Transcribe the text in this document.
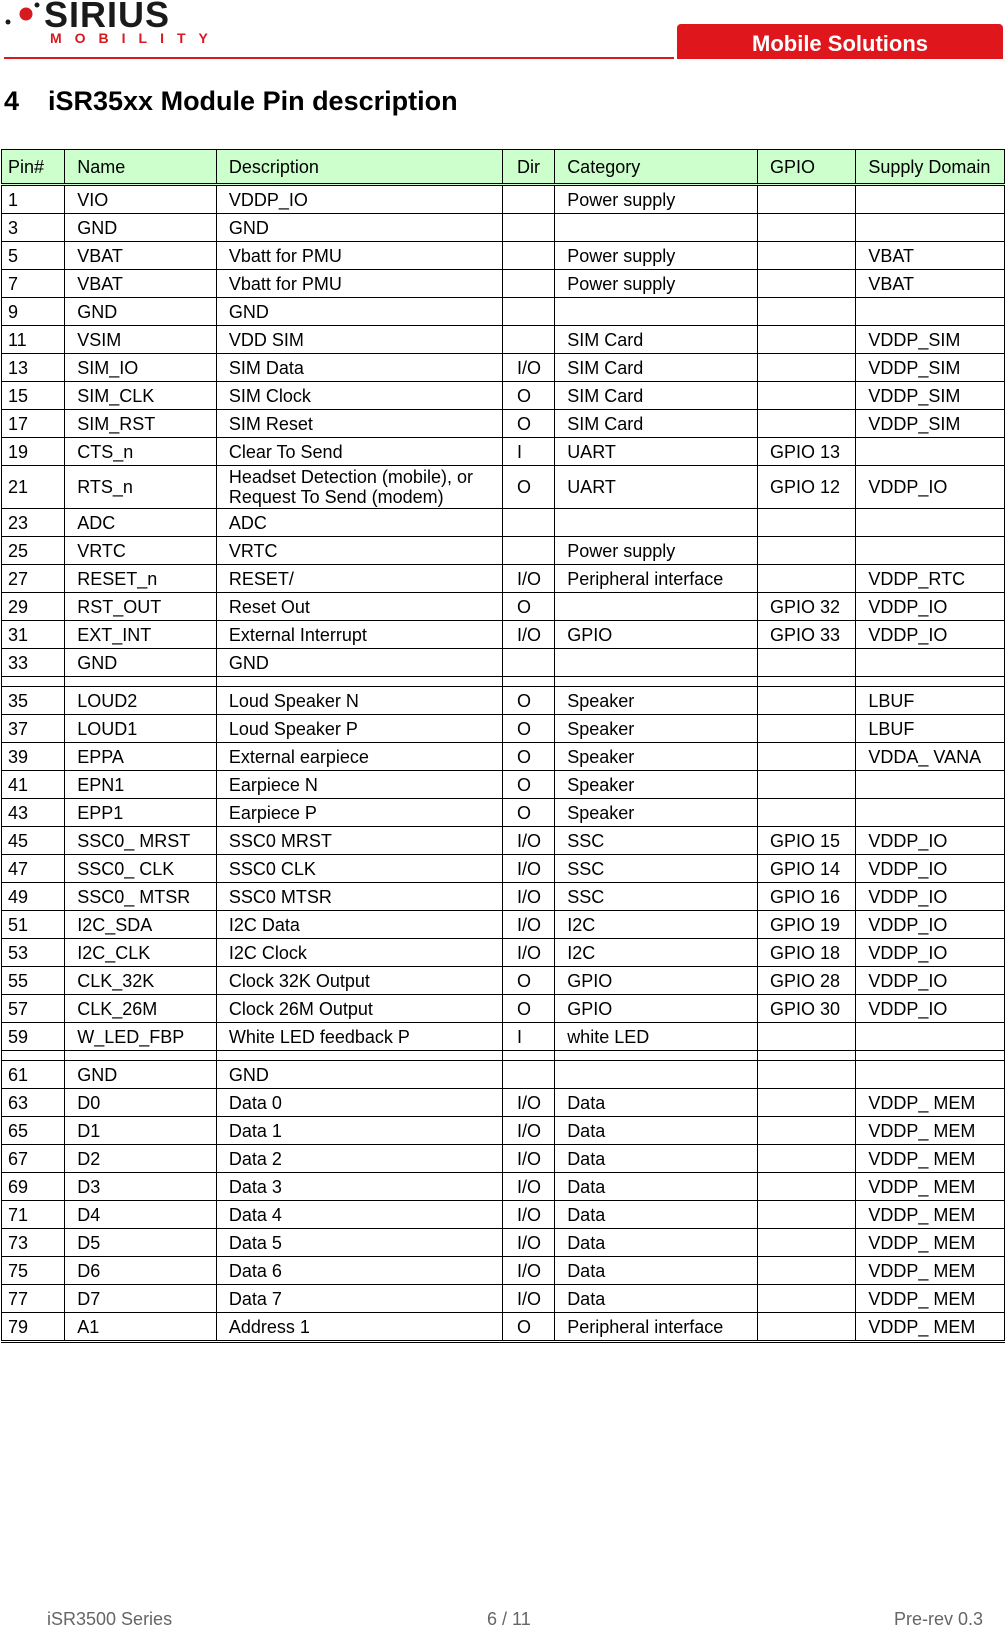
SIRIUS
MOBILITY	Mobile Solutions
4 iSR35xx Module Pin description
Pin#	Name	Description	Dir	Category	GPIO	Supply Domain
1	VIO	VDDP_IO		Power supply		
3	GND	GND				
5	VBAT	Vbatt for PMU		Power supply		VBAT
7	VBAT	Vbatt for PMU		Power supply		VBAT
9	GND	GND				
11	VSIM	VDD SIM		SIM Card		VDDP_SIM
13	SIM_IO	SIM Data	I/O	SIM Card		VDDP_SIM
15	SIM_CLK	SIM Clock	O	SIM Card		VDDP_SIM
17	SIM_RST	SIM Reset	O	SIM Card		VDDP_SIM
19	CTS_n	Clear To Send	I	UART	GPIO 13	
21	RTS_n	Headset Detection (mobile), or Request To Send (modem)	O	UART	GPIO 12	VDDP_IO
23	ADC	ADC				
25	VRTC	VRTC		Power supply		
27	RESET_n	RESET/	I/O	Peripheral interface		VDDP_RTC
29	RST_OUT	Reset Out	O		GPIO 32	VDDP_IO
31	EXT_INT	External Interrupt	I/O	GPIO	GPIO 33	VDDP_IO
33	GND	GND				

35	LOUD2	Loud Speaker N	O	Speaker		LBUF
37	LOUD1	Loud Speaker P	O	Speaker		LBUF
39	EPPA	External earpiece	O	Speaker		VDDA_ VANA
41	EPN1	Earpiece N	O	Speaker		
43	EPP1	Earpiece P	O	Speaker		
45	SSC0_ MRST	SSC0 MRST	I/O	SSC	GPIO 15	VDDP_IO
47	SSC0_ CLK	SSC0 CLK	I/O	SSC	GPIO 14	VDDP_IO
49	SSC0_ MTSR	SSC0 MTSR	I/O	SSC	GPIO 16	VDDP_IO
51	I2C_SDA	I2C Data	I/O	I2C	GPIO 19	VDDP_IO
53	I2C_CLK	I2C Clock	I/O	I2C	GPIO 18	VDDP_IO
55	CLK_32K	Clock 32K Output	O	GPIO	GPIO 28	VDDP_IO
57	CLK_26M	Clock 26M Output	O	GPIO	GPIO 30	VDDP_IO
59	W_LED_FBP	White LED feedback P	I	white LED		

61	GND	GND				
63	D0	Data 0	I/O	Data		VDDP_ MEM
65	D1	Data 1	I/O	Data		VDDP_ MEM
67	D2	Data 2	I/O	Data		VDDP_ MEM
69	D3	Data 3	I/O	Data		VDDP_ MEM
71	D4	Data 4	I/O	Data		VDDP_ MEM
73	D5	Data 5	I/O	Data		VDDP_ MEM
75	D6	Data 6	I/O	Data		VDDP_ MEM
77	D7	Data 7	I/O	Data		VDDP_ MEM
79	A1	Address 1	O	Peripheral interface		VDDP_ MEM
iSR3500 Series	6 / 11	Pre-rev 0.3
